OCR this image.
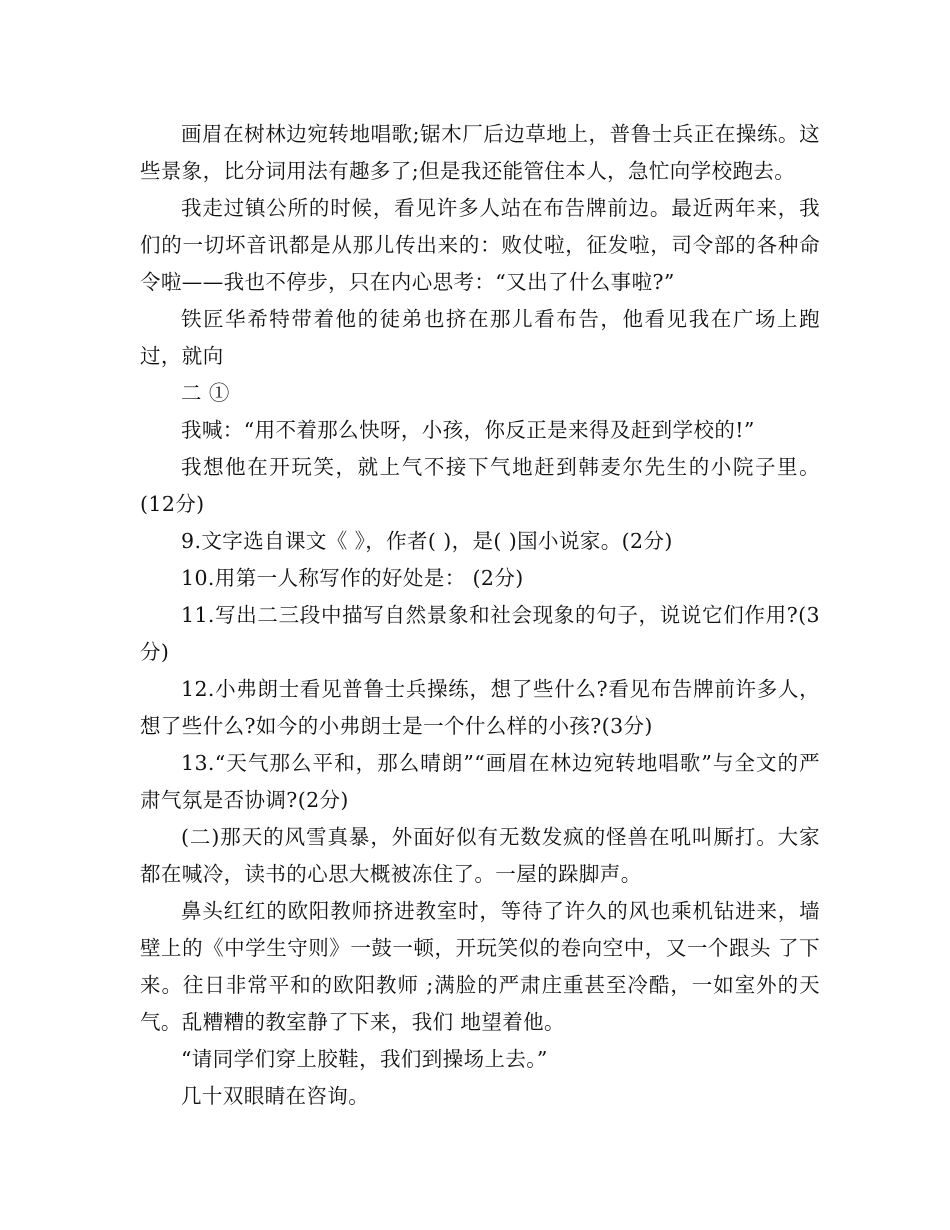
画眉在树林边宛转地唱歌;锯木厂后边草地上，普鲁士兵正在操练。这些景象，比分词用法有趣多了;但是我还能管住本人，急忙向学校跑去。

我走过镇公所的时候，看见许多人站在布告牌前边。最近两年来，我们的一切坏音讯都是从那儿传出来的：败仗啦，征发啦，司令部的各种命令啦——我也不停步，只在内心思考：“又出了什么事啦?”

铁匠华希特带着他的徒弟也挤在那儿看布告，他看见我在广场上跑过，就向

二 ①

我喊：“用不着那么快呀，小孩，你反正是来得及赶到学校的!”

我想他在开玩笑，就上气不接下气地赶到韩麦尔先生的小院子里。(12分)

9.文字选自课文《 》，作者( )，是( )国小说家。(2分)

10.用第一人称写作的好处是： (2分)

11.写出二三段中描写自然景象和社会现象的句子，说说它们作用?(3分)

12.小弗朗士看见普鲁士兵操练，想了些什么?看见布告牌前许多人，想了些什么?如今的小弗朗士是一个什么样的小孩?(3分)

13.“天气那么平和，那么晴朗”“画眉在林边宛转地唱歌”与全文的严肃气氛是否协调?(2分)

(二)那天的风雪真暴，外面好似有无数发疯的怪兽在吼叫厮打。大家都在喊冷，读书的心思大概被冻住了。一屋的跺脚声。

鼻头红红的欧阳教师挤进教室时，等待了许久的风也乘机钻进来，墙壁上的《中学生守则》一鼓一顿，开玩笑似的卷向空中，又一个跟头 了下来。往日非常平和的欧阳教师 ;满脸的严肃庄重甚至冷酷，一如室外的天气。乱糟糟的教室静了下来，我们 地望着他。

“请同学们穿上胶鞋，我们到操场上去。”

几十双眼睛在咨询。
